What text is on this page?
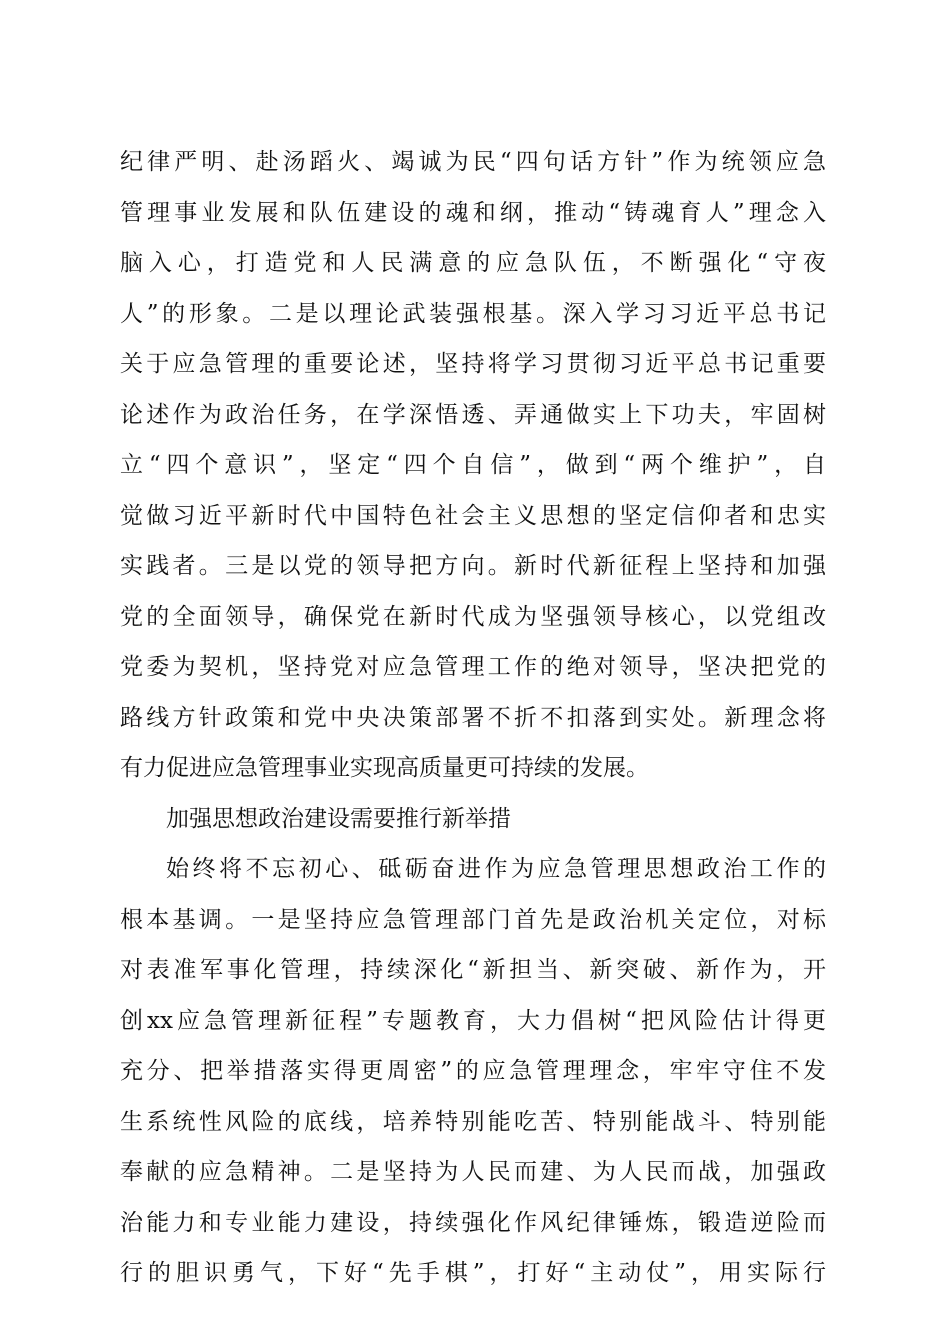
纪律严明、赴汤蹈火、竭诚为民“四句话方针”作为统领应急
管理事业发展和队伍建设的魂和纲，推动“铸魂育人”理念入
脑入心，打造党和人民满意的应急队伍，不断强化“守夜
人”的形象。二是以理论武装强根基。深入学习习近平总书记
关于应急管理的重要论述，坚持将学习贯彻习近平总书记重要
论述作为政治任务，在学深悟透、弄通做实上下功夫，牢固树
立“四个意识”，坚定“四个自信”，做到“两个维护”，自
觉做习近平新时代中国特色社会主义思想的坚定信仰者和忠实
实践者。三是以党的领导把方向。新时代新征程上坚持和加强
党的全面领导，确保党在新时代成为坚强领导核心，以党组改
党委为契机，坚持党对应急管理工作的绝对领导，坚决把党的
路线方针政策和党中央决策部署不折不扣落到实处。新理念将
有力促进应急管理事业实现高质量更可持续的发展。
加强思想政治建设需要推行新举措
始终将不忘初心、砥砺奋进作为应急管理思想政治工作的
根本基调。一是坚持应急管理部门首先是政治机关定位，对标
对表准军事化管理，持续深化“新担当、新突破、新作为，开
创xx应急管理新征程”专题教育，大力倡树“把风险估计得更
充分、把举措落实得更周密”的应急管理理念，牢牢守住不发
生系统性风险的底线，培养特别能吃苦、特别能战斗、特别能
奉献的应急精神。二是坚持为人民而建、为人民而战，加强政
治能力和专业能力建设，持续强化作风纪律锤炼，锻造逆险而
行的胆识勇气，下好“先手棋”，打好“主动仗”，用实际行
